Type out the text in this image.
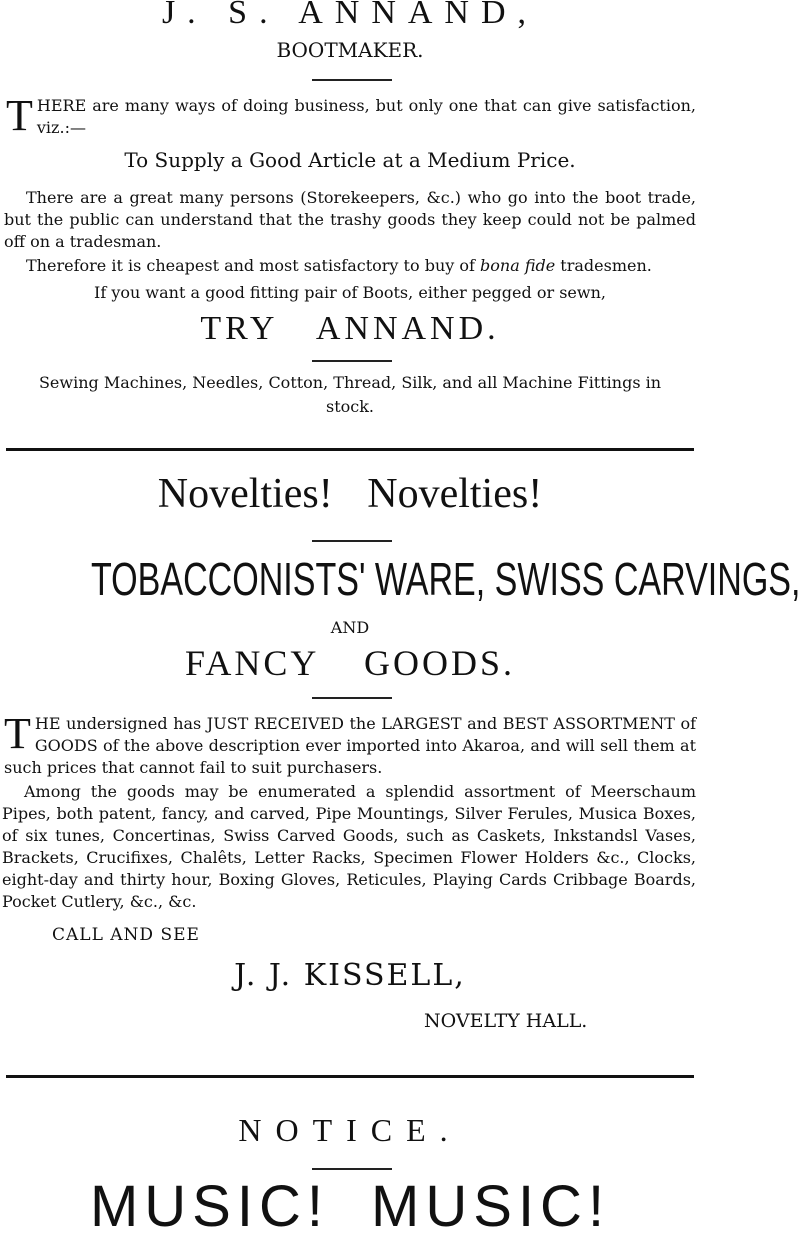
J. S. ANNAND,
BOOTMAKER.
T HERE are many ways of doing business, but only one that can give satisfaction, viz.:—
To Supply a Good Article at a Medium Price.
There are a great many persons (Storekeepers, &c.) who go into the boot trade, but the public can understand that the trashy goods they keep could not be palmed off on a tradesman.
Therefore it is cheapest and most satisfactory to buy of bona fide tradesmen.
If you want a good fitting pair of Boots, either pegged or sewn,
TRY ANNAND.
Sewing Machines, Needles, Cotton, Thread, Silk, and all Machine Fittings in stock.
Novelties! Novelties!
TOBACCONISTS' WARE, SWISS CARVINGS,
AND
FANCY GOODS.
T HE undersigned has JUST RECEIVED the LARGEST and BEST ASSORTMENT of GOODS of the above description ever imported into Akaroa, and will sell them at such prices that cannot fail to suit purchasers.
Among the goods may be enumerated a splendid assortment of Meerschaum Pipes, both patent, fancy, and carved, Pipe Mountings, Silver Ferules, Musica Boxes, of six tunes, Concertinas, Swiss Carved Goods, such as Caskets, Inkstandsl Vases, Brackets, Crucifixes, Chalêts, Letter Racks, Specimen Flower Holders &c., Clocks, eight-day and thirty hour, Boxing Gloves, Reticules, Playing Cards Cribbage Boards, Pocket Cutlery, &c., &c.
CALL AND SEE
J. J. KISSELL,
NOVELTY HALL.
NOTICE.
MUSIC! MUSIC!
